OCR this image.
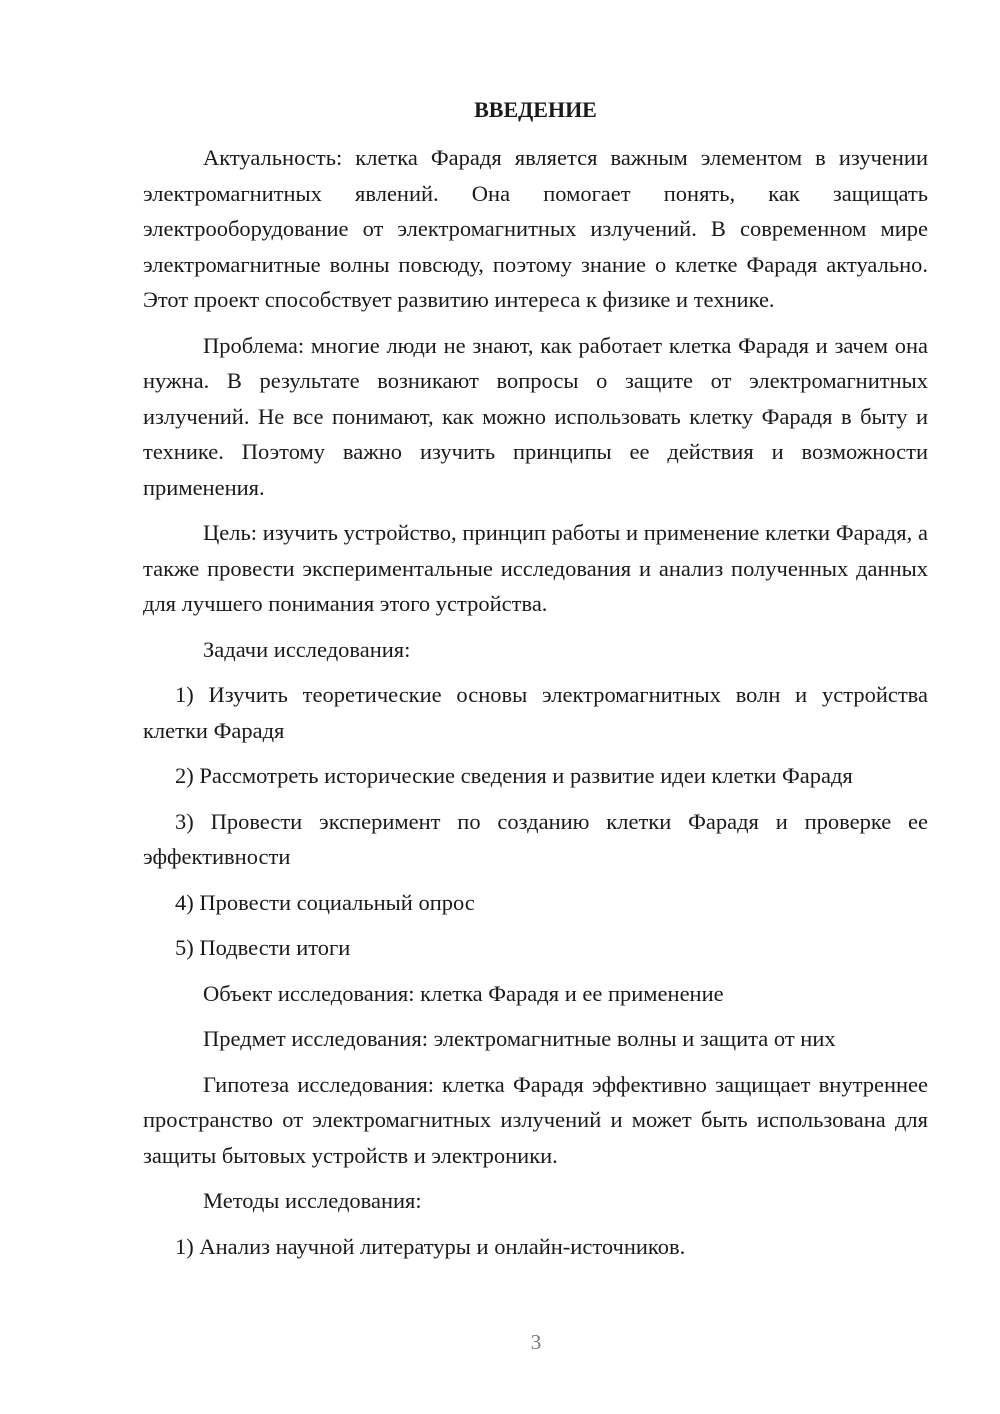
ВВЕДЕНИЕ

Актуальность: клетка Фарадя является важным элементом в изучении электромагнитных явлений. Она помогает понять, как защищать электрооборудование от электромагнитных излучений. В современном мире электромагнитные волны повсюду, поэтому знание о клетке Фарадя актуально. Этот проект способствует развитию интереса к физике и технике.

Проблема: многие люди не знают, как работает клетка Фарадя и зачем она нужна. В результате возникают вопросы о защите от электромагнитных излучений. Не все понимают, как можно использовать клетку Фарадя в быту и технике. Поэтому важно изучить принципы ее действия и возможности применения.

Цель: изучить устройство, принцип работы и применение клетки Фарадя, а также провести экспериментальные исследования и анализ полученных данных для лучшего понимания этого устройства.

Задачи исследования:

1) Изучить теоретические основы электромагнитных волн и устройства клетки Фарадя

2) Рассмотреть исторические сведения и развитие идеи клетки Фарадя

3) Провести эксперимент по созданию клетки Фарадя и проверке ее эффективности

4) Провести социальный опрос

5) Подвести итоги

Объект исследования: клетка Фарадя и ее применение

Предмет исследования: электромагнитные волны и защита от них

Гипотеза исследования: клетка Фарадя эффективно защищает внутреннее пространство от электромагнитных излучений и может быть использована для защиты бытовых устройств и электроники.

Методы исследования:

1) Анализ научной литературы и онлайн-источников.

3
